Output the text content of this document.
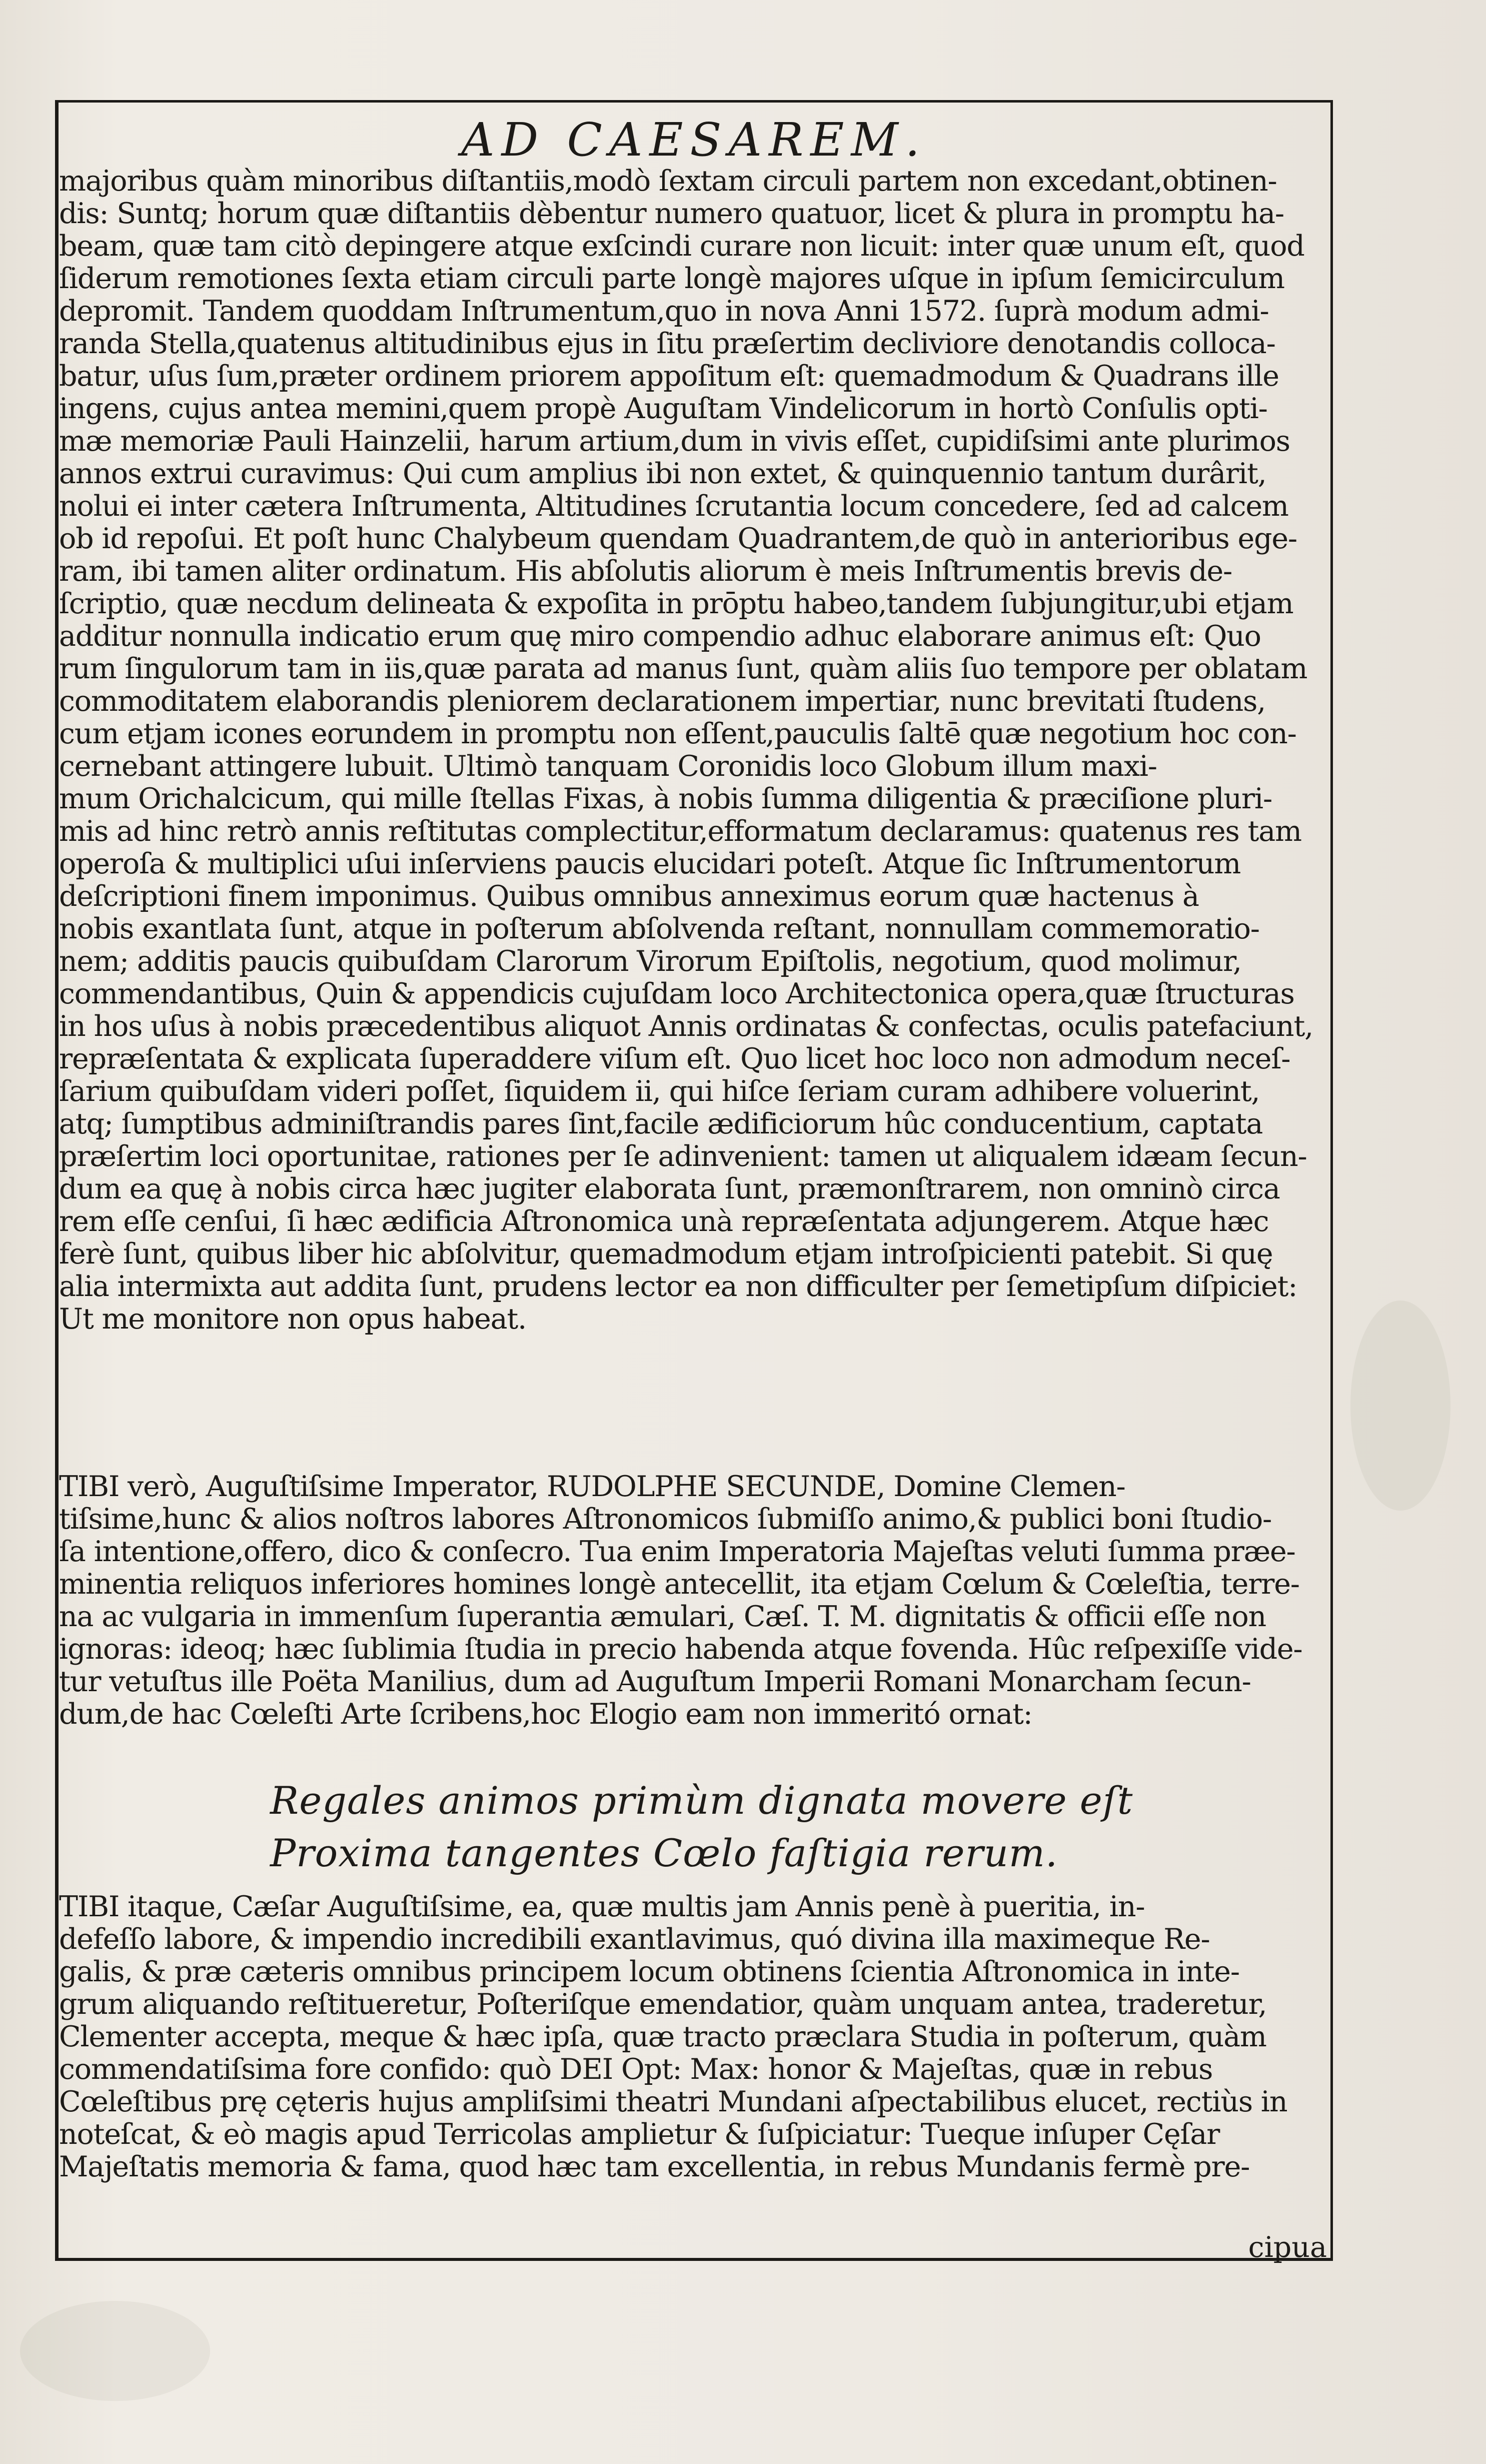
AD CAESAREM.
majoribus quàm minoribus diſtantiis,modò ſextam circuli partem non excedant,obtinen-
dis: Suntq; horum quæ diſtantiis dèbentur numero quatuor, licet & plura in promptu ha-
beam, quæ tam citò depingere atque exſcindi curare non licuit: inter quæ unum eſt, quod
ſiderum remotiones ſexta etiam circuli parte longè majores uſque in ipſum ſemicirculum
depromit. Tandem quoddam Inſtrumentum,quo in nova Anni 1572. ſuprà modum admi-
randa Stella,quatenus altitudinibus ejus in ſitu præſertim decliviore denotandis colloca-
batur, uſus ſum,præter ordinem priorem appoſitum eſt: quemadmodum & Quadrans ille
ingens, cujus antea memini,quem propè Auguſtam Vindelicorum in hortò Conſulis opti-
mæ memoriæ Pauli Hainzelii, harum artium,dum in vivis eſſet, cupidiſsimi ante plurimos
annos extrui curavimus: Qui cum amplius ibi non extet, & quinquennio tantum durârit,
nolui ei inter cætera Inſtrumenta, Altitudines ſcrutantia locum concedere, ſed ad calcem
ob id repoſui. Et poſt hunc Chalybeum quendam Quadrantem,de quò in anterioribus ege-
ram, ibi tamen aliter ordinatum. His abſolutis aliorum è meis Inſtrumentis brevis de-
ſcriptio, quæ necdum delineata & expoſita in prōptu habeo,tandem ſubjungitur,ubi etjam
additur nonnulla indicatio erum quę miro compendio adhuc elaborare animus eſt: Quo
rum ſingulorum tam in iis,quæ parata ad manus ſunt, quàm aliis ſuo tempore per oblatam
commoditatem elaborandis pleniorem declarationem impertiar, nunc brevitati ſtudens,
cum etjam icones eorundem in promptu non eſſent,pauculis ſaltē quæ negotium hoc con-
cernebant attingere lubuit. Ultimò tanquam Coronidis loco Globum illum maxi-
mum Orichalcicum, qui mille ſtellas Fixas, à nobis ſumma diligentia & præciſione pluri-
mis ad hinc retrò annis reſtitutas complectitur,efformatum declaramus: quatenus res tam
operoſa & multiplici uſui inſerviens paucis elucidari poteſt. Atque ſic Inſtrumentorum
deſcriptioni finem imponimus. Quibus omnibus anneximus eorum quæ hactenus à
nobis exantlata ſunt, atque in poſterum abſolvenda reſtant, nonnullam commemoratio-
nem; additis paucis quibuſdam Clarorum Virorum Epiſtolis, negotium, quod molimur,
commendantibus, Quin & appendicis cujuſdam loco Architectonica opera,quæ ſtructuras
in hos uſus à nobis præcedentibus aliquot Annis ordinatas & confectas, oculis patefaciunt,
repræſentata & explicata ſuperaddere viſum eſt. Quo licet hoc loco non admodum neceſ-
ſarium quibuſdam videri poſſet, ſiquidem ii, qui hiſce ſeriam curam adhibere voluerint,
atq; ſumptibus adminiſtrandis pares ſint,facile ædificiorum hûc conducentium, captata
præſertim loci oportunitae, rationes per ſe adinvenient: tamen ut aliqualem idæam ſecun-
dum ea quę à nobis circa hæc jugiter elaborata ſunt, præmonſtrarem, non omninò circa
rem eſſe cenſui, ſi hæc ædificia Aſtronomica unà repræſentata adjungerem. Atque hæc
ferè ſunt, quibus liber hic abſolvitur, quemadmodum etjam introſpicienti patebit. Si quę
alia intermixta aut addita ſunt, prudens lector ea non difficulter per ſemetipſum diſpiciet:
Ut me monitore non opus habeat.
TIBI verò, Auguſtiſsime Imperator, RUDOLPHE SECUNDE, Domine Clemen-
tiſsime,hunc & alios noſtros labores Aſtronomicos ſubmiſſo animo,& publici boni ſtudio-
ſa intentione,offero, dico & conſecro. Tua enim Imperatoria Majeſtas veluti ſumma præe-
minentia reliquos inferiores homines longè antecellit, ita etjam Cœlum & Cœleſtia, terre-
na ac vulgaria in immenſum ſuperantia æmulari, Cæſ. T. M. dignitatis & officii eſſe non
ignoras: ideoq; hæc ſublimia ſtudia in precio habenda atque fovenda. Hûc reſpexiſſe vide-
tur vetuſtus ille Poëta Manilius, dum ad Auguſtum Imperii Romani Monarcham ſecun-
dum,de hac Cœleſti Arte ſcribens,hoc Elogio eam non immeritó ornat:
Regales animos primùm dignata movere eſt
Proxima tangentes Cœlo faſtigia rerum.
TIBI itaque, Cæſar Auguſtiſsime, ea, quæ multis jam Annis penè à pueritia, in-
defeſſo labore, & impendio incredibili exantlavimus, quó divina illa maximeque Re-
galis, & præ cæteris omnibus principem locum obtinens ſcientia Aſtronomica in inte-
grum aliquando reſtitueretur, Poſteriſque emendatior, quàm unquam antea, traderetur,
Clementer accepta, meque & hæc ipſa, quæ tracto præclara Studia in poſterum, quàm
commendatiſsima fore confido: quò DEI Opt: Max: honor & Majeſtas, quæ in rebus
Cœleſtibus prę cęteris hujus ampliſsimi theatri Mundani aſpectabilibus elucet, rectiùs in
noteſcat, & eò magis apud Terricolas amplietur & ſuſpiciatur: Tueque inſuper Cęſar
Majeſtatis memoria & fama, quod hæc tam excellentia, in rebus Mundanis fermè pre-
cipua
